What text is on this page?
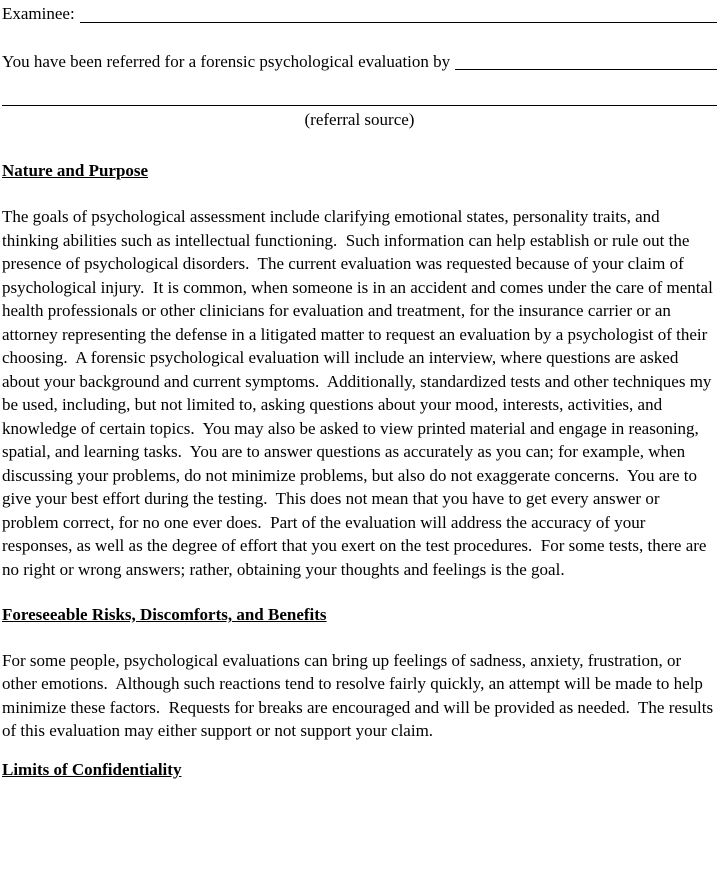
Examinee:
You have been referred for a forensic psychological evaluation by
(referral source)
Nature and Purpose
The goals of psychological assessment include clarifying emotional states, personality traits, and thinking abilities such as intellectual functioning.  Such information can help establish or rule out the presence of psychological disorders.  The current evaluation was requested because of your claim of psychological injury.  It is common, when someone is in an accident and comes under the care of mental health professionals or other clinicians for evaluation and treatment, for the insurance carrier or an attorney representing the defense in a litigated matter to request an evaluation by a psychologist of their choosing.  A forensic psychological evaluation will include an interview, where questions are asked about your background and current symptoms.  Additionally, standardized tests and other techniques my be used, including, but not limited to, asking questions about your mood, interests, activities, and knowledge of certain topics.  You may also be asked to view printed material and engage in reasoning, spatial, and learning tasks.  You are to answer questions as accurately as you can; for example, when discussing your problems, do not minimize problems, but also do not exaggerate concerns.  You are to give your best effort during the testing.  This does not mean that you have to get every answer or problem correct, for no one ever does.  Part of the evaluation will address the accuracy of your responses, as well as the degree of effort that you exert on the test procedures.  For some tests, there are no right or wrong answers; rather, obtaining your thoughts and feelings is the goal.
Foreseeable Risks, Discomforts, and Benefits
For some people, psychological evaluations can bring up feelings of sadness, anxiety, frustration, or other emotions.  Although such reactions tend to resolve fairly quickly, an attempt will be made to help minimize these factors.  Requests for breaks are encouraged and will be provided as needed.  The results of this evaluation may either support or not support your claim.
Limits of Confidentiality
